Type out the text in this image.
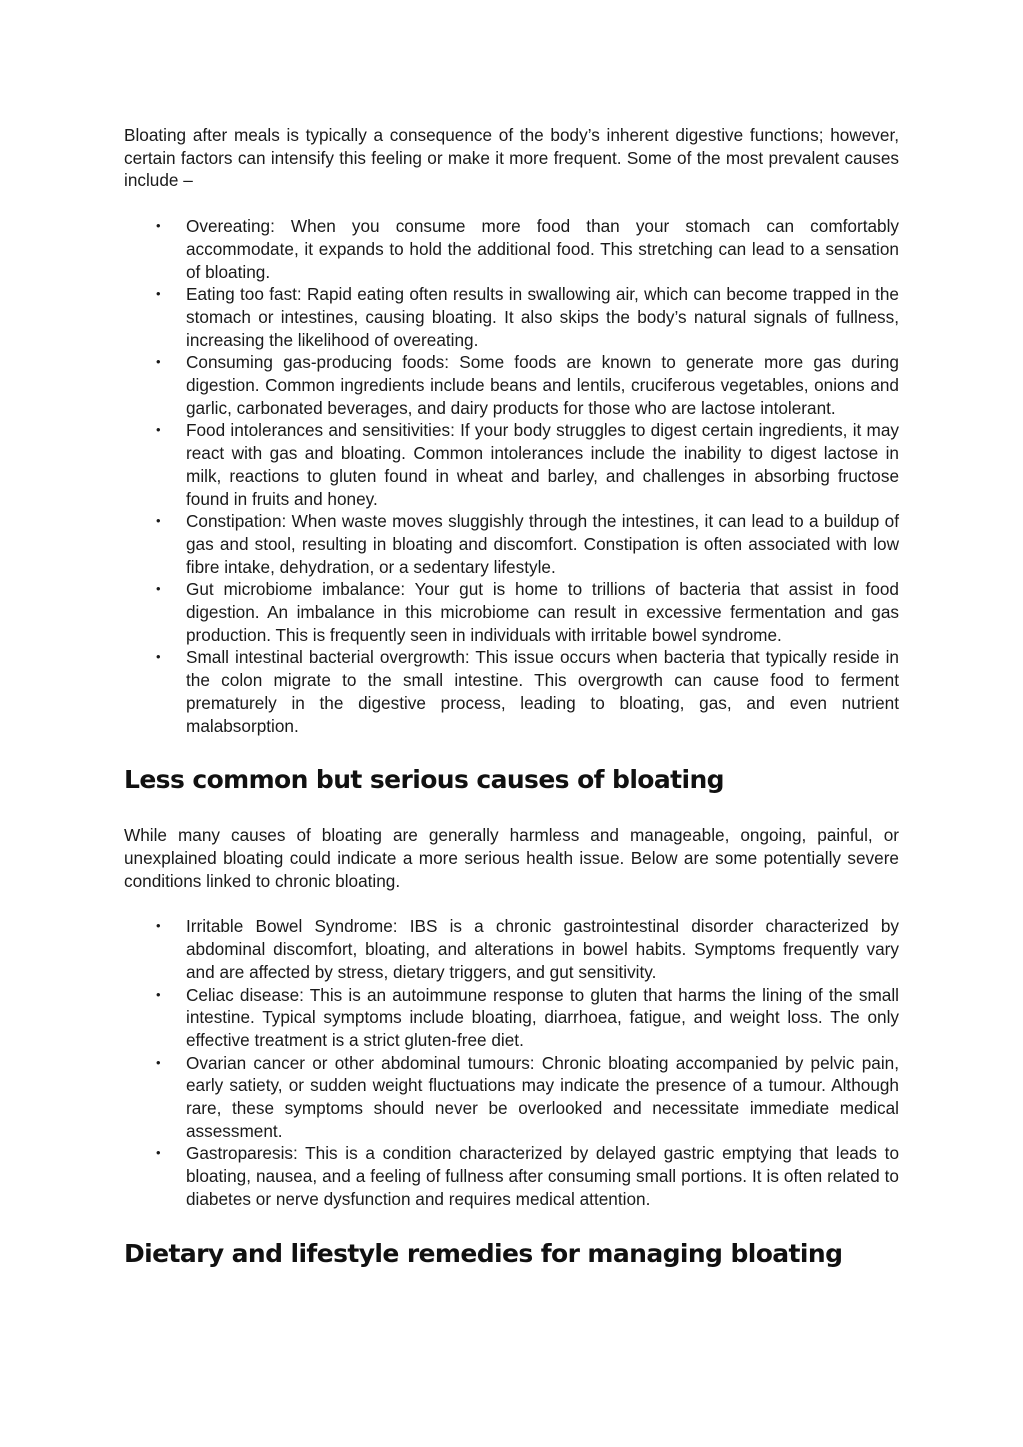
Bloating after meals is typically a consequence of the body’s inherent digestive functions; however, certain factors can intensify this feeling or make it more frequent. Some of the most prevalent causes include –

• Overeating: When you consume more food than your stomach can comfortably accommodate, it expands to hold the additional food. This stretching can lead to a sensation of bloating.
• Eating too fast: Rapid eating often results in swallowing air, which can become trapped in the stomach or intestines, causing bloating. It also skips the body’s natural signals of fullness, increasing the likelihood of overeating.
• Consuming gas-producing foods: Some foods are known to generate more gas during digestion. Common ingredients include beans and lentils, cruciferous vegetables, onions and garlic, carbonated beverages, and dairy products for those who are lactose intolerant.
• Food intolerances and sensitivities: If your body struggles to digest certain ingredients, it may react with gas and bloating. Common intolerances include the inability to digest lactose in milk, reactions to gluten found in wheat and barley, and challenges in absorbing fructose found in fruits and honey.
• Constipation: When waste moves sluggishly through the intestines, it can lead to a buildup of gas and stool, resulting in bloating and discomfort. Constipation is often associated with low fibre intake, dehydration, or a sedentary lifestyle.
• Gut microbiome imbalance: Your gut is home to trillions of bacteria that assist in food digestion. An imbalance in this microbiome can result in excessive fermentation and gas production. This is frequently seen in individuals with irritable bowel syndrome.
• Small intestinal bacterial overgrowth: This issue occurs when bacteria that typically reside in the colon migrate to the small intestine. This overgrowth can cause food to ferment prematurely in the digestive process, leading to bloating, gas, and even nutrient malabsorption.
Less common but serious causes of bloating

While many causes of bloating are generally harmless and manageable, ongoing, painful, or unexplained bloating could indicate a more serious health issue. Below are some potentially severe conditions linked to chronic bloating.

• Irritable Bowel Syndrome: IBS is a chronic gastrointestinal disorder characterized by abdominal discomfort, bloating, and alterations in bowel habits. Symptoms frequently vary and are affected by stress, dietary triggers, and gut sensitivity.
• Celiac disease: This is an autoimmune response to gluten that harms the lining of the small intestine. Typical symptoms include bloating, diarrhoea, fatigue, and weight loss. The only effective treatment is a strict gluten-free diet.
• Ovarian cancer or other abdominal tumours: Chronic bloating accompanied by pelvic pain, early satiety, or sudden weight fluctuations may indicate the presence of a tumour. Although rare, these symptoms should never be overlooked and necessitate immediate medical assessment.
• Gastroparesis: This is a condition characterized by delayed gastric emptying that leads to bloating, nausea, and a feeling of fullness after consuming small portions. It is often related to diabetes or nerve dysfunction and requires medical attention.
Dietary and lifestyle remedies for managing bloating
